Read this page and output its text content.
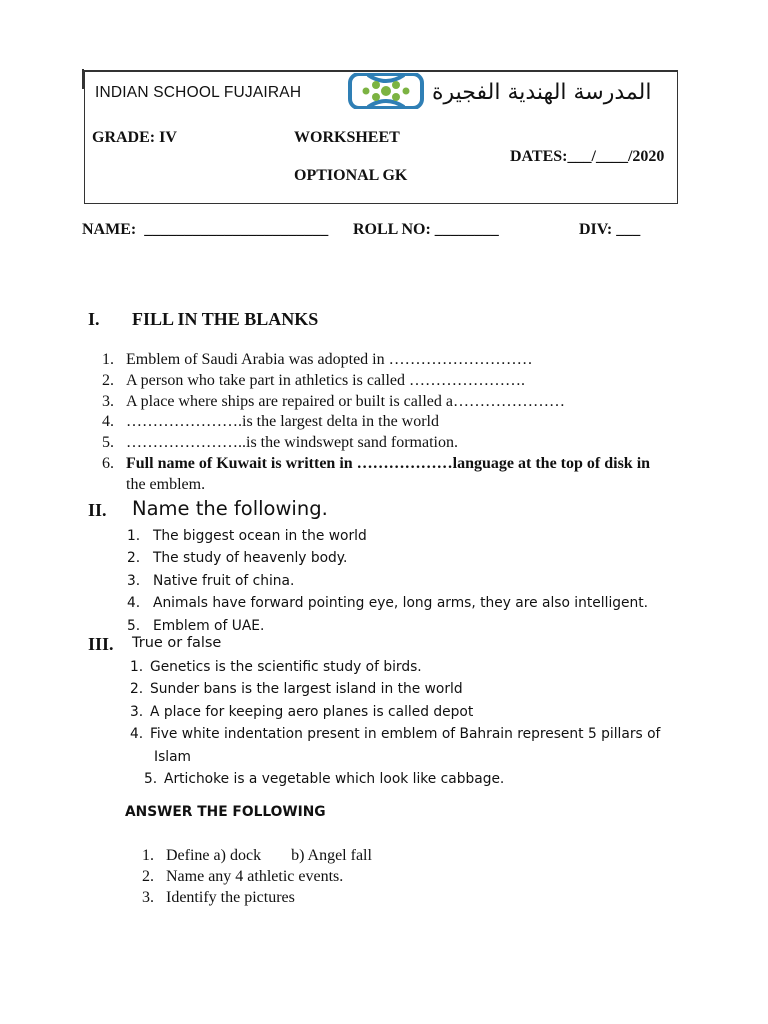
INDIAN SCHOOL FUJAIRAH	المدرسة الهندية الفجيرة
GRADE: IV	WORKSHEET
DATES:___/____/2020
OPTIONAL GK
NAME:  _______________________ ROLL NO: ________	DIV: ___
I. FILL IN THE BLANKS
1. Emblem of Saudi Arabia was adopted in ………………………
2. A person who take part in athletics is called ………………….
3. A place where ships are repaired or built is called a…………………
4. ………………….is the largest delta in the world
5. …………………..is the windswept sand formation.
6. Full name of Kuwait is written in ………………language at the top of disk in
the emblem.
II. Name the following.
1. The biggest ocean in the world
2. The study of heavenly body.
3. Native fruit of china.
4. Animals have forward pointing eye, long arms, they are also intelligent.
5. Emblem of UAE.
III. True or false
1. Genetics is the scientific study of birds.
2. Sunder bans is the largest island in the world
3. A place for keeping aero planes is called depot
4. Five white indentation present in emblem of Bahrain represent 5 pillars of
Islam
5. Artichoke is a vegetable which look like cabbage.
ANSWER THE FOLLOWING
1. Define a) dock b) Angel fall
2. Name any 4 athletic events.
3. Identify the pictures
